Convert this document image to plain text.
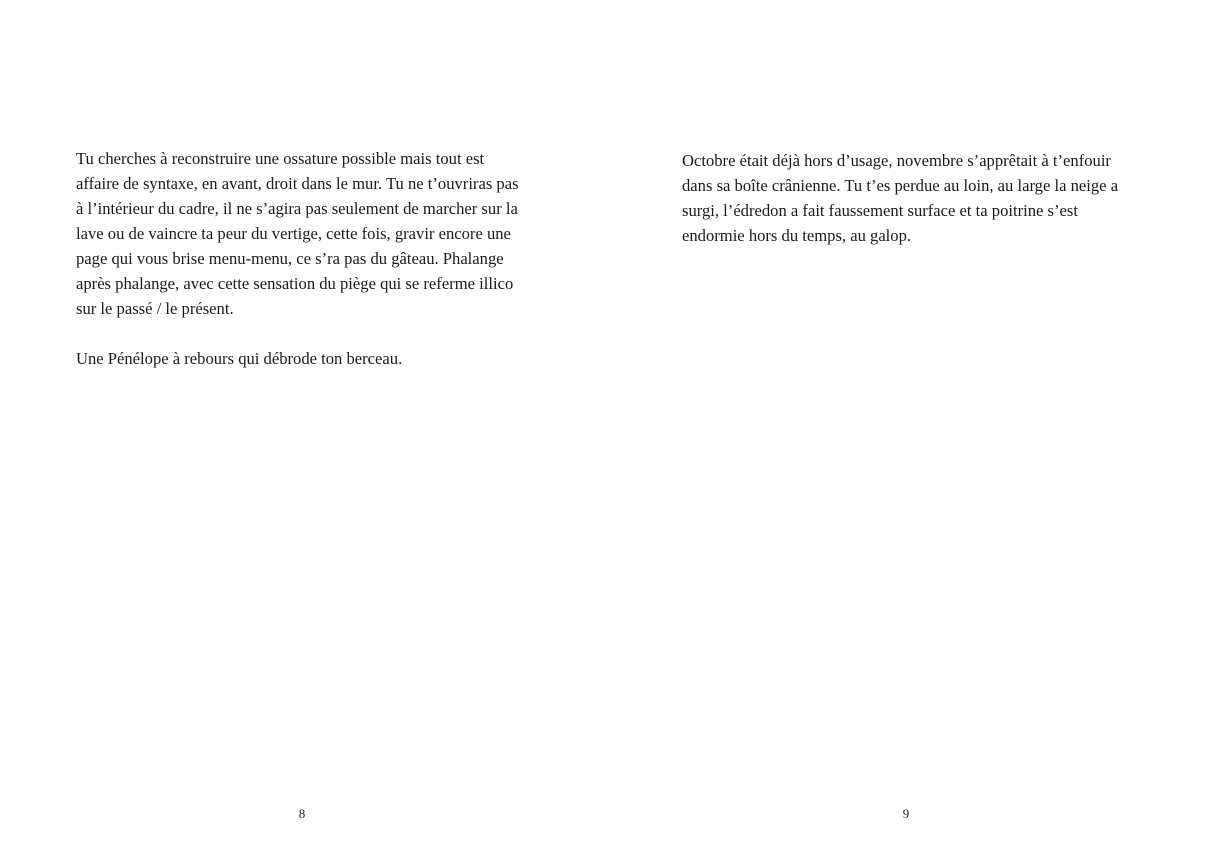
Tu cherches à reconstruire une ossature possible mais tout est affaire de syntaxe, en avant, droit dans le mur. Tu ne t’ouvriras pas à l’intérieur du cadre, il ne s’agira pas seulement de marcher sur la lave ou de vaincre ta peur du vertige, cette fois, gravir encore une page qui vous brise menu-menu, ce s’ra pas du gâteau. Phalange après phalange, avec cette sensation du piège qui se referme illico sur le passé / le présent.

Une Pénélope à rebours qui débrode ton berceau.

8

Octobre était déjà hors d’usage, novembre s’apprêtait à t’enfouir dans sa boîte crânienne. Tu t’es perdue au loin, au large la neige a surgi, l’édredon a fait faussement surface et ta poitrine s’est endormie hors du temps, au galop.

9
